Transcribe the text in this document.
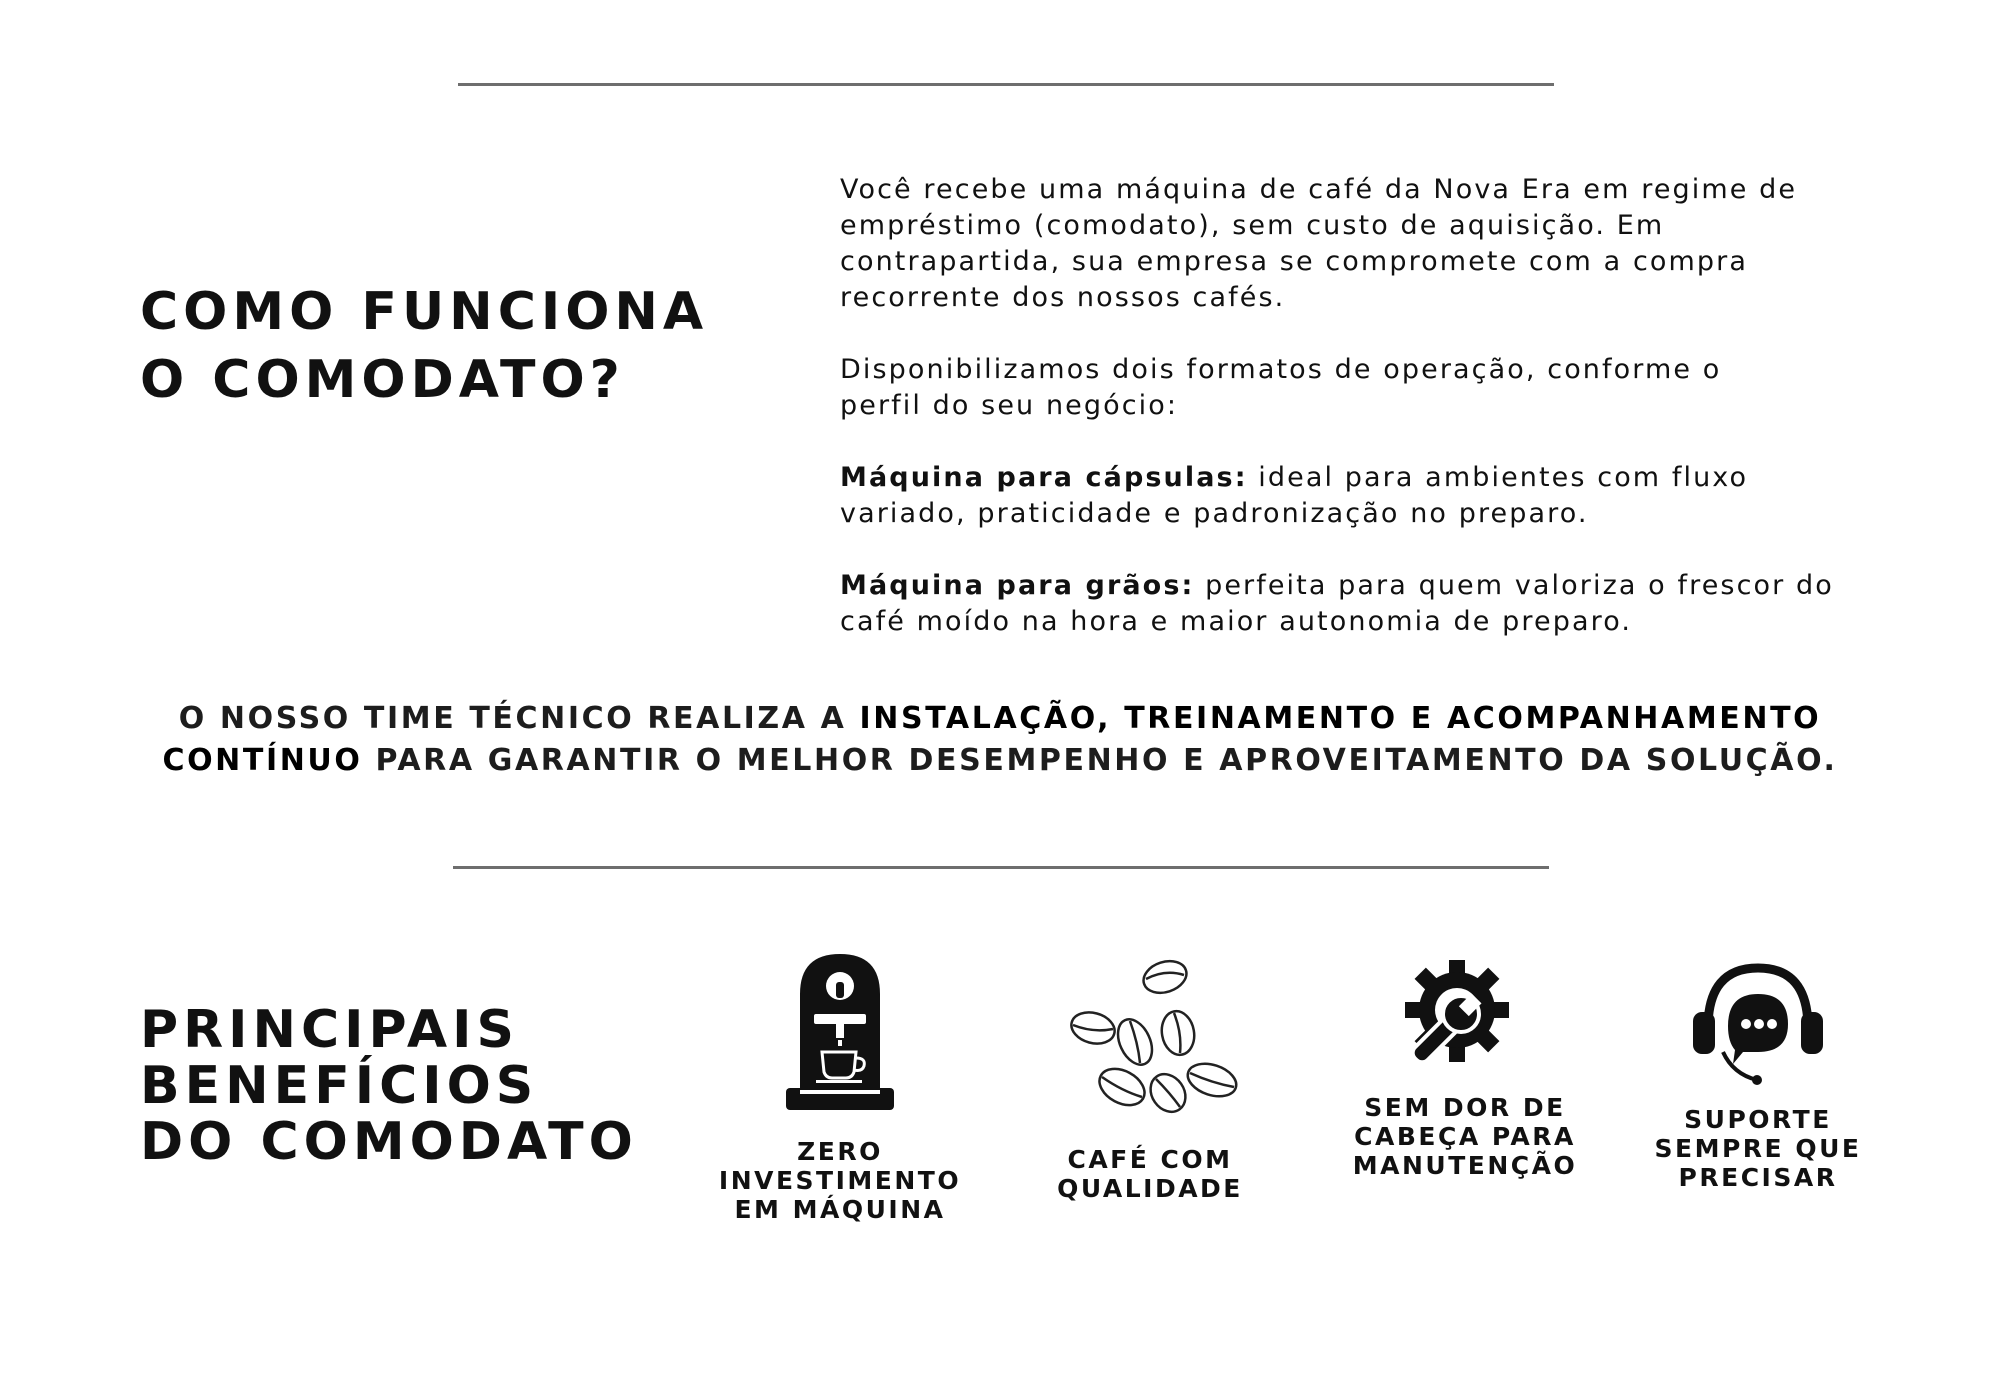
COMO FUNCIONA
O COMODATO?

Você recebe uma máquina de café da Nova Era em regime de
empréstimo (comodato), sem custo de aquisição. Em
contrapartida, sua empresa se compromete com a compra
recorrente dos nossos cafés.

Disponibilizamos dois formatos de operação, conforme o
perfil do seu negócio:

Máquina para cápsulas: ideal para ambientes com fluxo
variado, praticidade e padronização no preparo.

Máquina para grãos: perfeita para quem valoriza o frescor do
café moído na hora e maior autonomia de preparo.

O NOSSO TIME TÉCNICO REALIZA A INSTALAÇÃO, TREINAMENTO E ACOMPANHAMENTO
CONTÍNUO PARA GARANTIR O MELHOR DESEMPENHO E APROVEITAMENTO DA SOLUÇÃO.
PRINCIPAIS
BENEFÍCIOS
DO COMODATO	ZERO
INVESTIMENTO
EM MÁQUINA
CAFÉ COM
QUALIDADE
SEM DOR DE
CABEÇA PARA
MANUTENÇÃO
SUPORTE
SEMPRE QUE
PRECISAR
